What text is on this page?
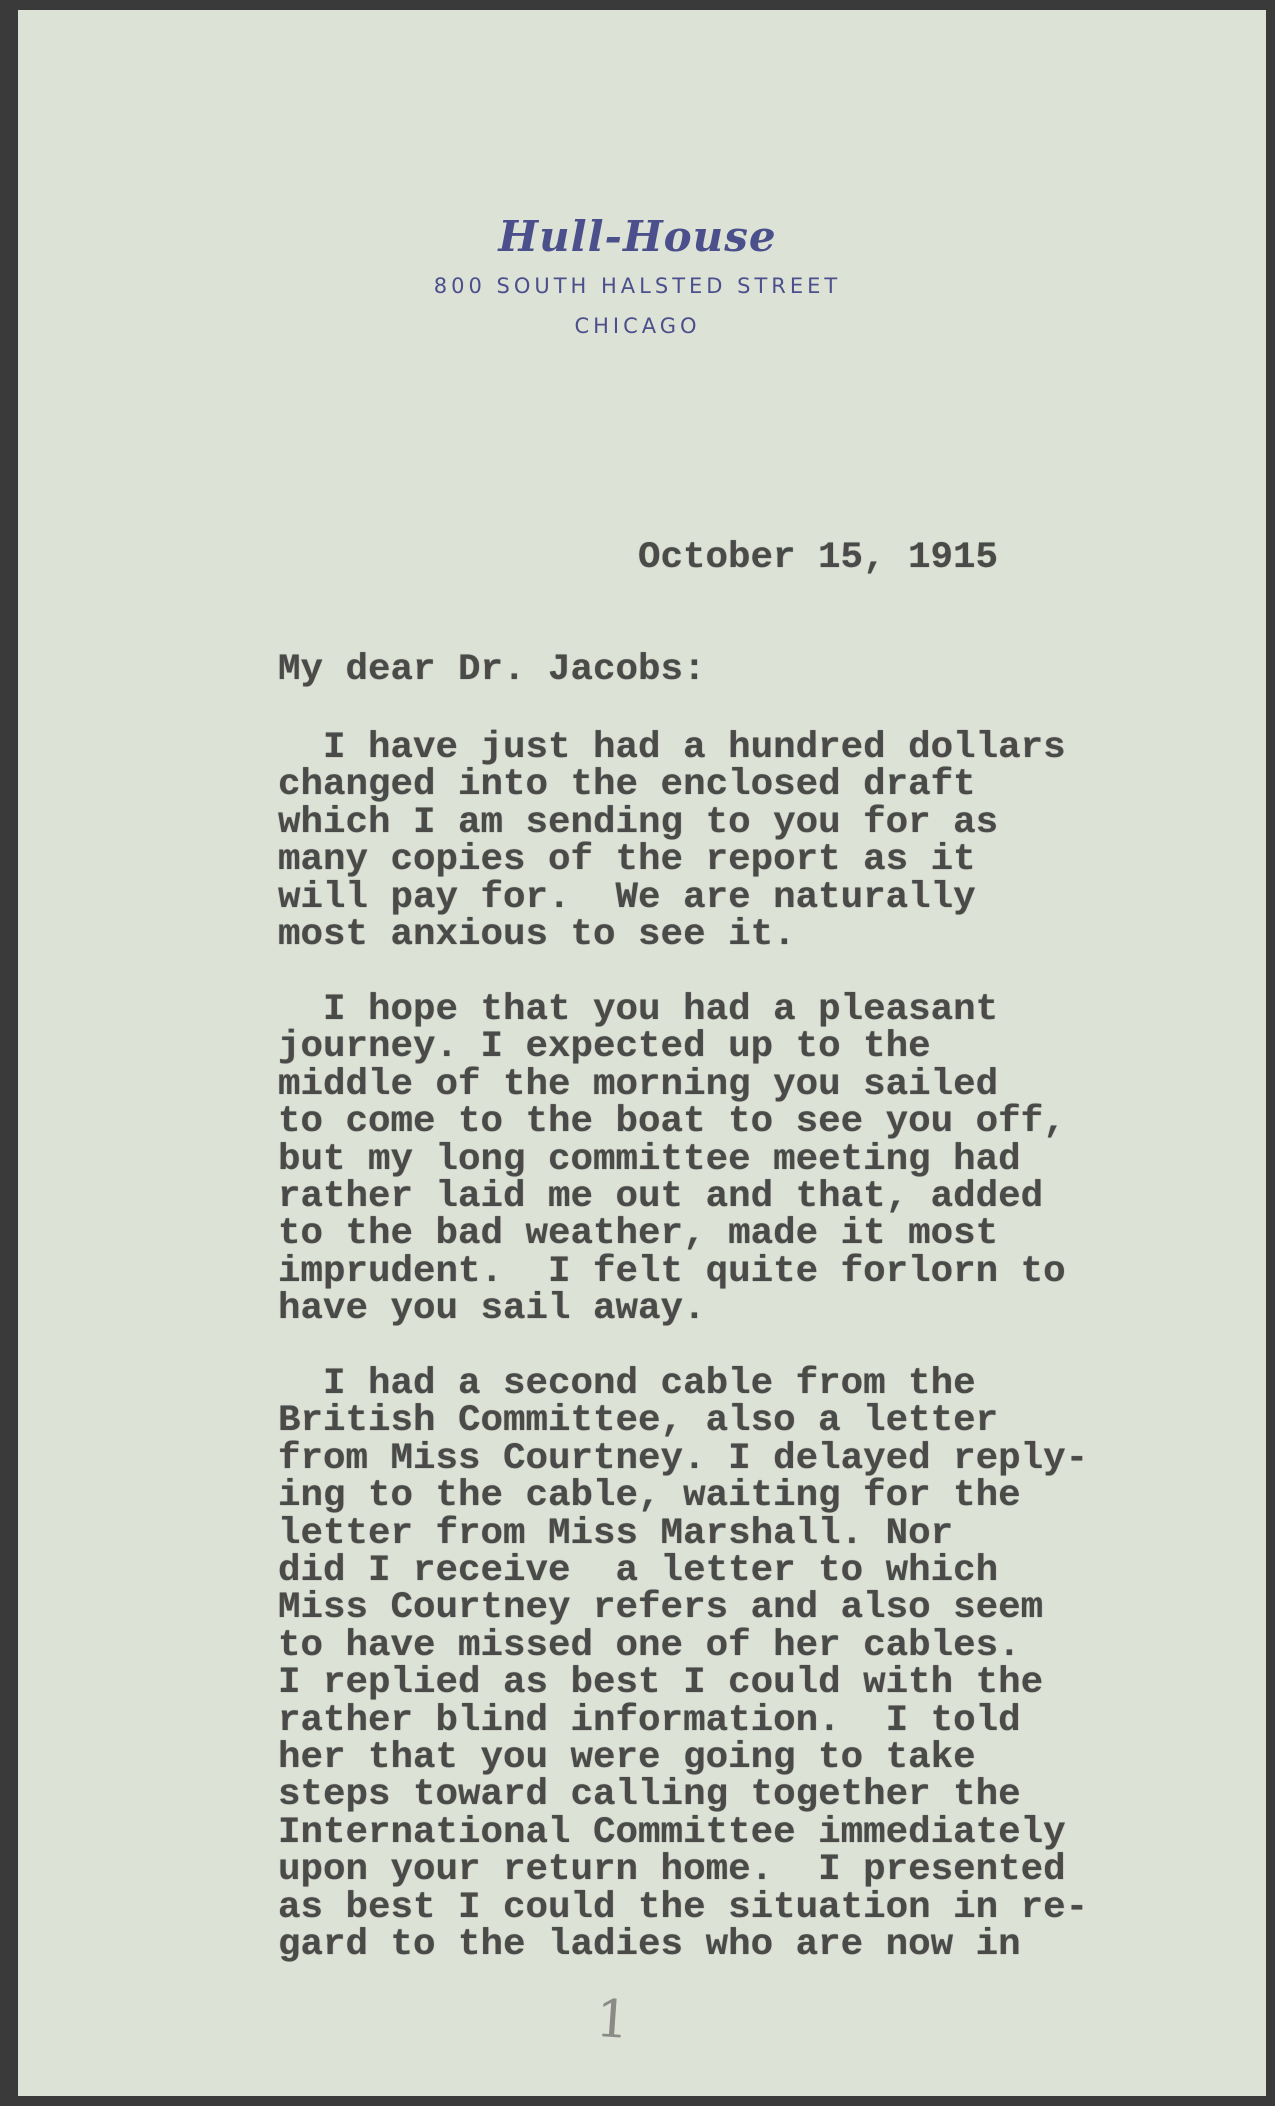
Hull-House
800 SOUTH HALSTED STREET
CHICAGO
October 15, 1915
My dear Dr. Jacobs:
I have just had a hundred dollars
changed into the enclosed draft
which I am sending to you for as
many copies of the report as it
will pay for.  We are naturally
most anxious to see it.
I hope that you had a pleasant
journey. I expected up to the
middle of the morning you sailed
to come to the boat to see you off,
but my long committee meeting had
rather laid me out and that, added
to the bad weather, made it most
imprudent.  I felt quite forlorn to
have you sail away.
I had a second cable from the
British Committee, also a letter
from Miss Courtney. I delayed reply-
ing to the cable, waiting for the
letter from Miss Marshall. Nor
did I receive  a letter to which
Miss Courtney refers and also seem
to have missed one of her cables.
I replied as best I could with the
rather blind information.  I told
her that you were going to take
steps toward calling together the
International Committee immediately
upon your return home.  I presented
as best I could the situation in re-
gard to the ladies who are now in
1
